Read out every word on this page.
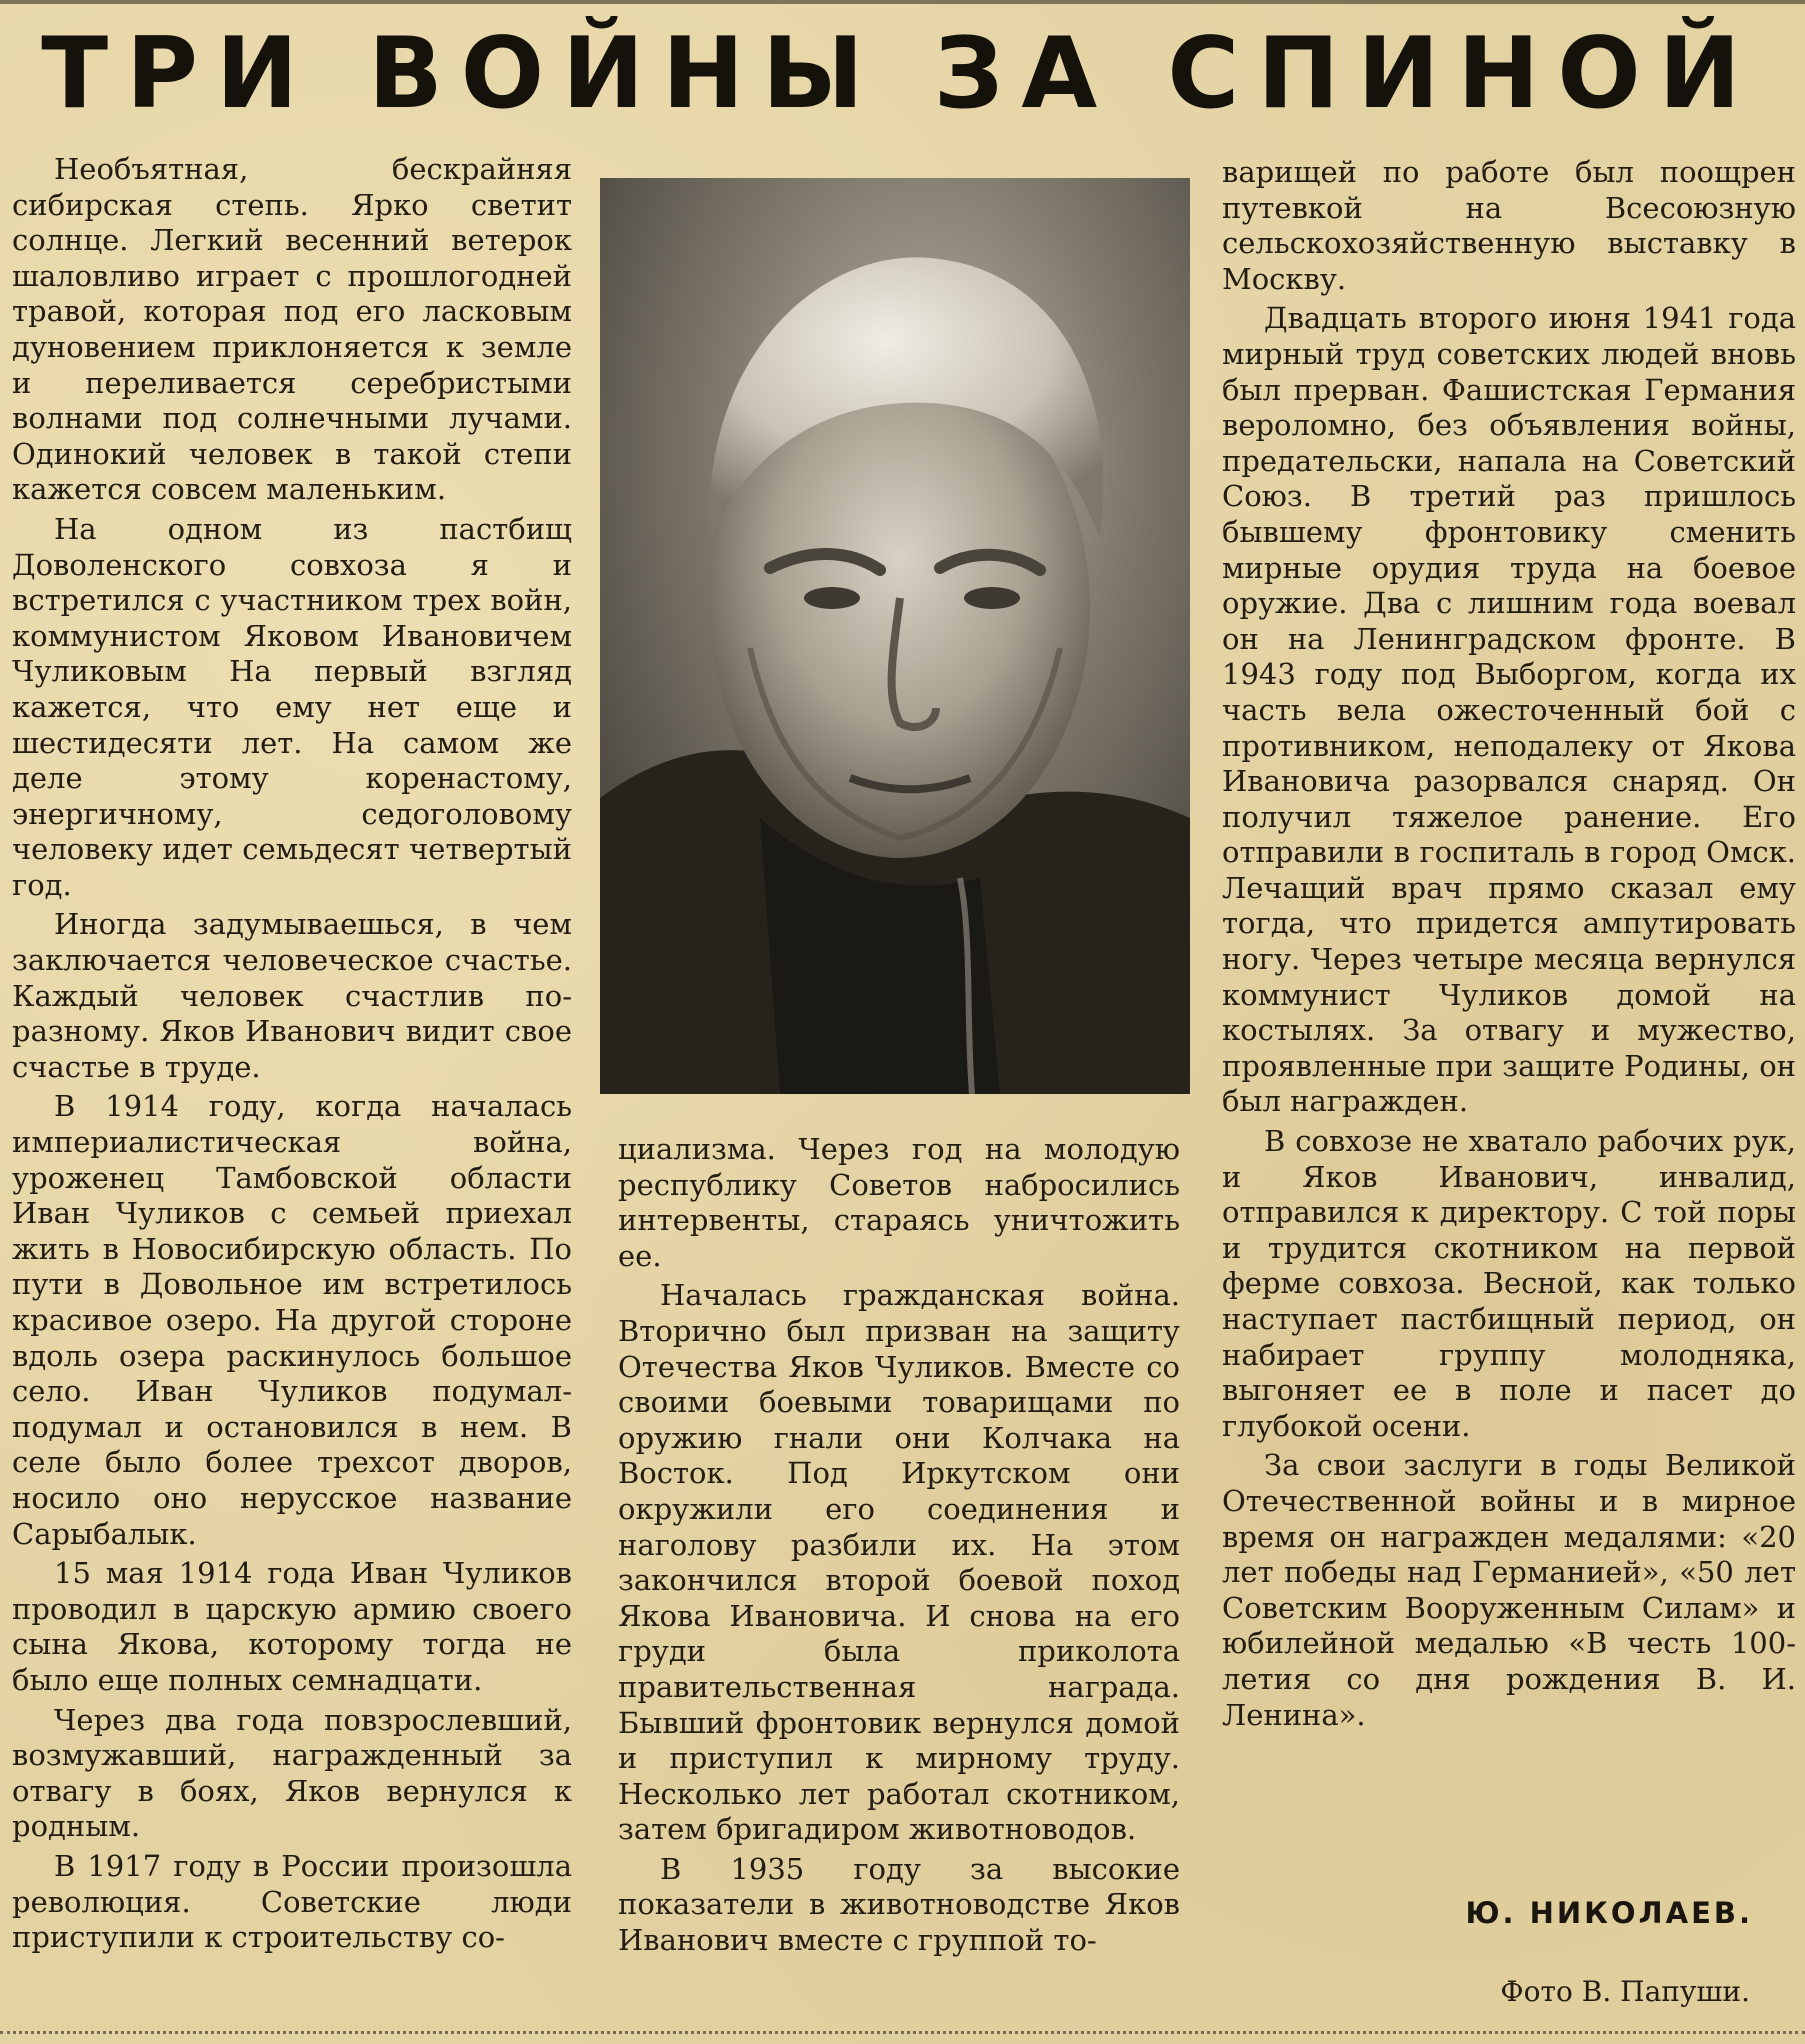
ТРИ ВОЙНЫ ЗА СПИНОЙ

Необъятная, бескрайняя сибирская степь. Ярко светит солнце. Легкий весенний ветерок шаловливо играет с прошлогодней травой, которая под его ласковым дуновением приклоняется к земле и переливается серебристыми волнами под солнечными лучами. Одинокий человек в такой степи кажется совсем маленьким.

На одном из пастбищ Доволенского совхоза я и встретился с участником трех войн, коммунистом Яковом Ивановичем Чуликовым На первый взгляд кажется, что ему нет еще и шестидесяти лет. На самом же деле этому коренастому, энергичному, седоголовому человеку идет семьдесят четвертый год.

Иногда задумываешься, в чем заключается человеческое счастье. Каждый человек счастлив по-разному. Яков Иванович видит свое счастье в труде.

В 1914 году, когда началась империалистическая война, уроженец Тамбовской области Иван Чуликов с семьей приехал жить в Новосибирскую область. По пути в Довольное им встретилось красивое озеро. На другой стороне вдоль озера раскинулось большое село. Иван Чуликов подумал-подумал и остановился в нем. В селе было более трехсот дворов, носило оно нерусское название Сарыбалык.

15 мая 1914 года Иван Чуликов проводил в царскую армию своего сына Якова, которому тогда не было еще полных семнадцати.

Через два года повзрослевший, возмужавший, награжденный за отвагу в боях, Яков вернулся к родным.

В 1917 году в России произошла революция. Советские люди приступили к строительству со-

циализма. Через год на молодую республику Советов набросились интервенты, стараясь уничтожить ее.

Началась гражданская война. Вторично был призван на защиту Отечества Яков Чуликов. Вместе со своими боевыми товарищами по оружию гнали они Колчака на Восток. Под Иркутском они окружили его соединения и наголову разбили их. На этом закончился второй боевой поход Якова Ивановича. И снова на его груди была приколота правительственная награда. Бывший фронтовик вернулся домой и приступил к мирному труду. Несколько лет работал скотником, затем бригадиром животноводов.

В 1935 году за высокие показатели в животноводстве Яков Иванович вместе с группой то-

варищей по работе был поощрен путевкой на Всесоюзную сельскохозяйственную выставку в Москву.

Двадцать второго июня 1941 года мирный труд советских людей вновь был прерван. Фашистская Германия вероломно, без объявления войны, предательски, напала на Советский Союз. В третий раз пришлось бывшему фронтовику сменить мирные орудия труда на боевое оружие. Два с лишним года воевал он на Ленинградском фронте. В 1943 году под Выборгом, когда их часть вела ожесточенный бой с противником, неподалеку от Якова Ивановича разорвался снаряд. Он получил тяжелое ранение. Его отправили в госпиталь в город Омск. Лечащий врач прямо сказал ему тогда, что придется ампутировать ногу. Через четыре месяца вернулся коммунист Чуликов домой на костылях. За отвагу и мужество, проявленные при защите Родины, он был награжден.

В совхозе не хватало рабочих рук, и Яков Иванович, инвалид, отправился к директору. С той поры и трудится скотником на первой ферме совхоза. Весной, как только наступает пастбищный период, он набирает группу молодняка, выгоняет ее в поле и пасет до глубокой осени.

За свои заслуги в годы Великой Отечественной войны и в мирное время он награжден медалями: «20 лет победы над Германией», «50 лет Советским Вооруженным Силам» и юбилейной медалью «В честь 100-летия со дня рождения В. И. Ленина».

Ю. НИКОЛАЕВ.
Фото В. Папуши.
